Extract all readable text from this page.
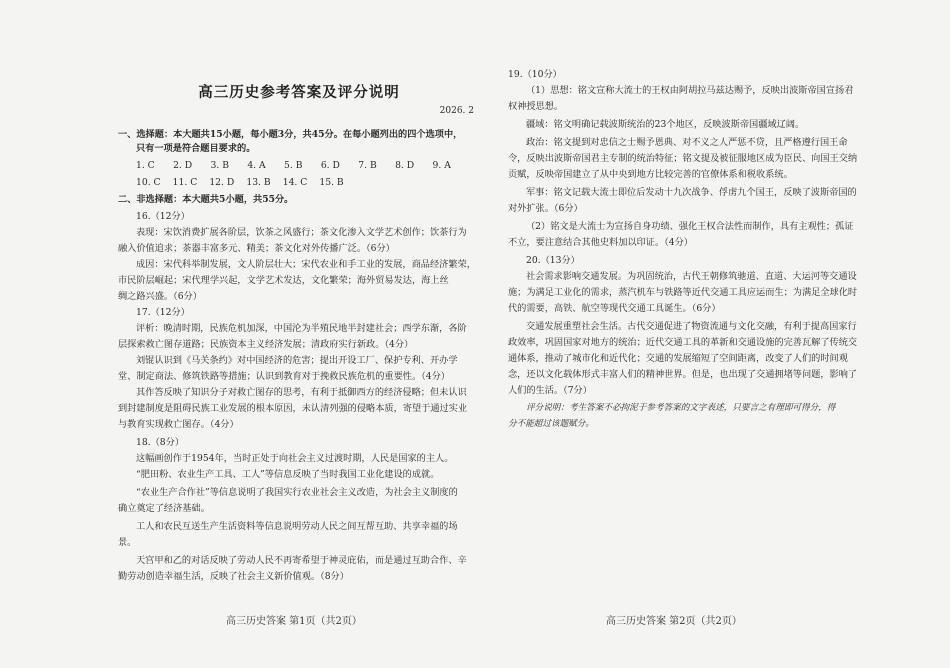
高三历史参考答案及评分说明
2026. 2
一、选择题：本大题共15小题，每小题3分，共45分。在每小题列出的四个选项中，
只有一项是符合题目要求的。
1. C　　2. D　　3. B　　4. A　　5. B　　6. D　　7. B　　8. D　　9. A
10. C　 11. C　 12. D　 13. B　 14. C　 15. B
二、非选择题：本大题共5小题，共55分。
16.（12分）
表现：宋饮消费扩展各阶层，饮茶之风盛行；茶文化渗入文学艺术创作；饮茶行为
融入价值追求；茶器丰富多元、精美；茶文化对外传播广泛。（6分）
成因：宋代科举制发展，文人阶层壮大；宋代农业和手工业的发展，商品经济繁荣，
市民阶层崛起；宋代理学兴起，文学艺术发达，文化繁荣；海外贸易发达，海上丝
绸之路兴盛。（6分）
17.（12分）
评析：晚清时期，民族危机加深，中国沦为半殖民地半封建社会；西学东渐，各阶
层探索救亡图存道路；民族资本主义经济发展；清政府实行新政。（4分）
刘锟认识到《马关条约》对中国经济的危害；提出开设工厂、保护专利、开办学
堂、制定商法、修筑铁路等措施；认识到教育对于挽救民族危机的重要性。（4分）
其作答反映了知识分子对救亡图存的思考，有利于抵御西方的经济侵略；但未认识
到封建制度是阻碍民族工业发展的根本原因，未认清列强的侵略本质，寄望于通过实业
与教育实现救亡图存。（4分）
18.（8分）
这幅画创作于1954年，当时正处于向社会主义过渡时期，人民是国家的主人。
“肥田粉、农业生产工具、工人”等信息反映了当时我国工业化建设的成就。
“农业生产合作社”等信息说明了我国实行农业社会主义改造，为社会主义制度的
确立奠定了经济基础。
工人和农民互送生产生活资料等信息说明劳动人民之间互帮互助、共享幸福的场
景。
天宫甲和乙的对话反映了劳动人民不再寄希望于神灵庇佑，而是通过互助合作、辛
勤劳动创造幸福生活，反映了社会主义新价值观。（8分）
高三历史答案 第1页（共2页）
19.（10分）
（1）思想：铭文宣称大流士的王权由阿胡拉马兹达赐予，反映出波斯帝国宣扬君
权神授思想。
疆域：铭文明确记载波斯统治的23个地区，反映波斯帝国疆域辽阔。
政治：铭文提到对忠信之士赐予恩典、对不义之人严惩不贷，且严格遵行国王命
令，反映出波斯帝国君主专制的统治特征；铭文提及被征服地区成为臣民、向国王交纳
贡赋，反映帝国建立了从中央到地方比较完善的官僚体系和税收系统。
军事：铭文记载大流士即位后发动十九次战争、俘虏九个国王，反映了波斯帝国的
对外扩张。（6分）
（2）铭文是大流士为宣扬自身功绩、强化王权合法性而制作，具有主观性；孤证
不立，要注意结合其他史料加以印证。（4分）
20.（13分）
社会需求影响交通发展。为巩固统治，古代王朝修筑驰道、直道、大运河等交通设
施；为满足工业化的需求，蒸汽机车与铁路等近代交通工具应运而生；为满足全球化时
代的需要，高铁、航空等现代交通工具诞生。（6分）
交通发展重塑社会生活。古代交通促进了物资流通与文化交融，有利于提高国家行
政效率，巩固国家对地方的统治；近代交通工具的革新和交通设施的完善瓦解了传统交
通体系，推动了城市化和近代化；交通的发展缩短了空间距离，改变了人们的时间观
念，还以文化载体形式丰富人们的精神世界。但是，也出现了交通拥堵等问题，影响了
人们的生活。（7分）
评分说明：考生答案不必拘泥于参考答案的文字表述，只要言之有理即可得分，得
分不能超过该题赋分。
高三历史答案 第2页（共2页）
